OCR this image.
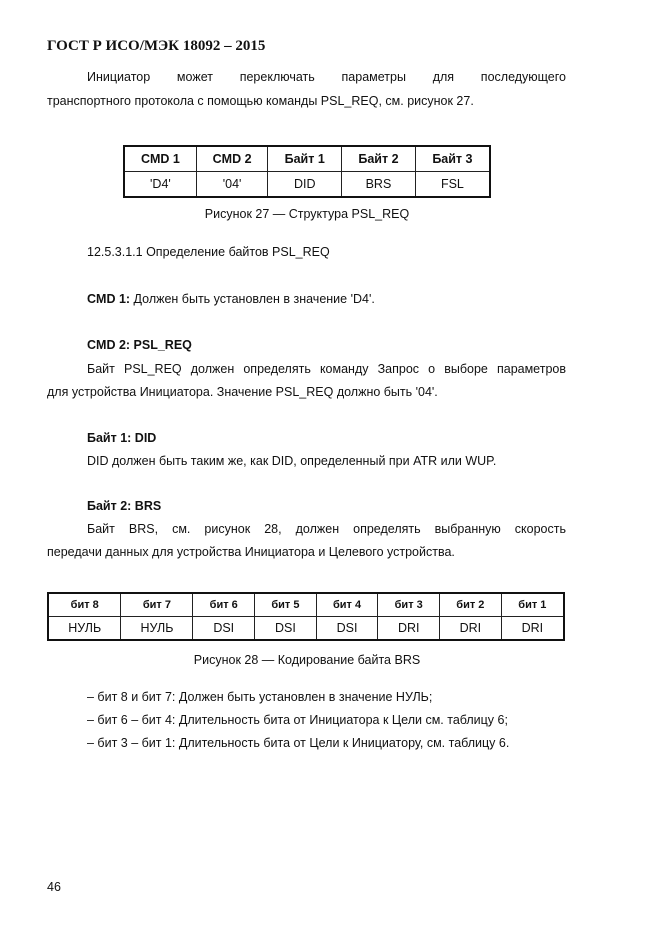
ГОСТ Р ИСО/МЭК 18092 – 2015
Инициатор может переключать параметры для последующего
транспортного протокола с помощью команды PSL_REQ, см. рисунок 27.
CMD 1	CMD 2	Байт 1	Байт 2	Байт 3
'D4'	'04'	DID	BRS	FSL
Рисунок 27 — Структура PSL_REQ
12.5.3.1.1 Определение байтов PSL_REQ
CMD 1: Должен быть установлен в значение 'D4'.
CMD 2: PSL_REQ
Байт PSL_REQ должен определять команду Запрос о выборе параметров
для устройства Инициатора. Значение PSL_REQ должно быть '04'.
Байт 1: DID
DID должен быть таким же, как DID, определенный при ATR или WUP.
Байт 2: BRS
Байт BRS, см. рисунок 28, должен определять выбранную скорость
передачи данных для устройства Инициатора и Целевого устройства.
бит 8	бит 7	бит 6	бит 5	бит 4	бит 3	бит 2	бит 1
НУЛЬ	НУЛЬ	DSI	DSI	DSI	DRI	DRI	DRI
Рисунок 28 — Кодирование байта BRS
– бит 8 и бит 7: Должен быть установлен в значение НУЛЬ;
– бит 6 – бит 4: Длительность бита от Инициатора к Цели см. таблицу 6;
– бит 3 – бит 1: Длительность бита от Цели к Инициатору, см. таблицу 6.
46
